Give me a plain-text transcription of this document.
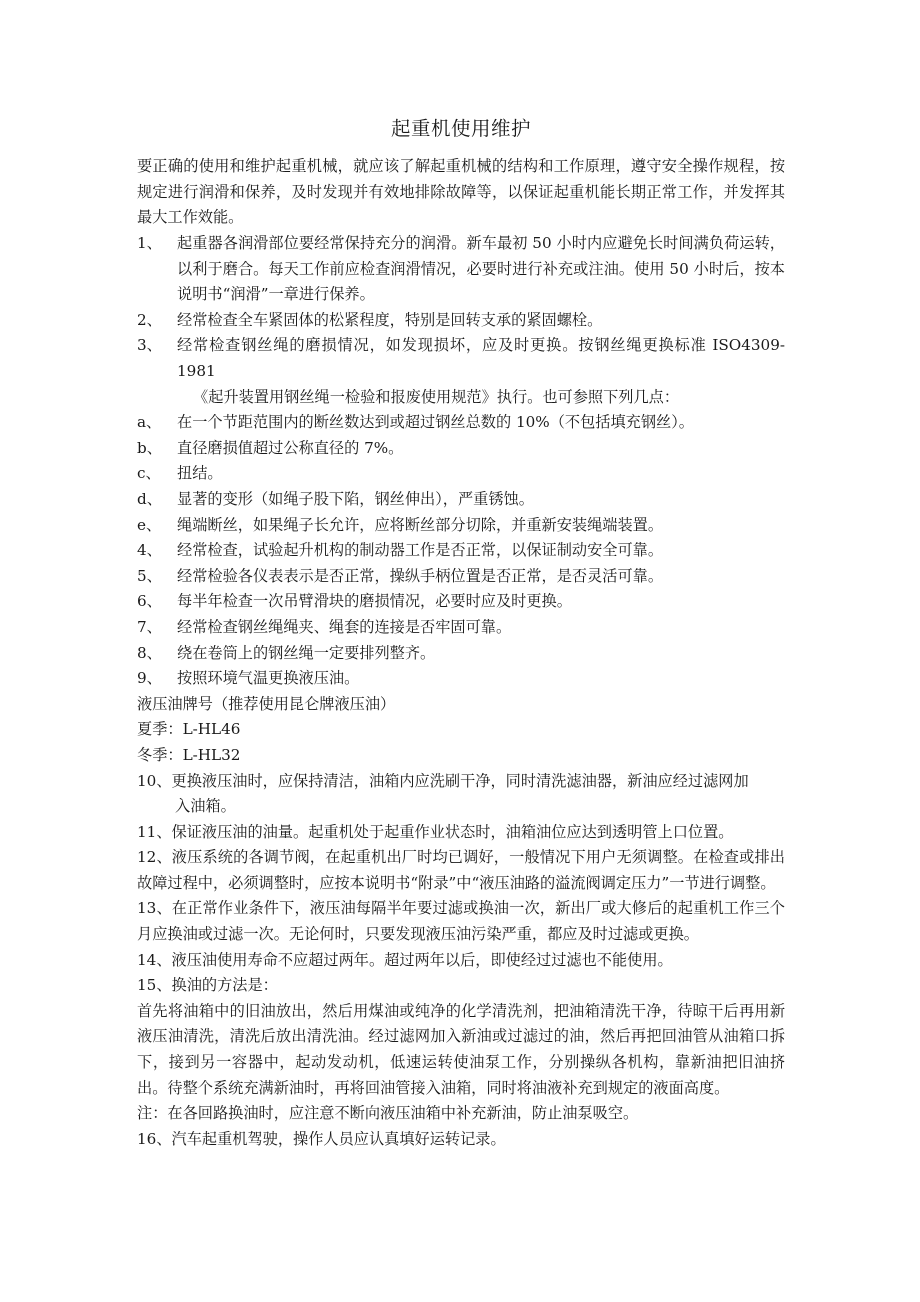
起重机使用维护

要正确的使用和维护起重机械，就应该了解起重机械的结构和工作原理，遵守安全操作规程，按规定进行润滑和保养，及时发现并有效地排除故障等，以保证起重机能长期正常工作，并发挥其最大工作效能。

1、 起重器各润滑部位要经常保持充分的润滑。新车最初 50 小时内应避免长时间满负荷运转，以利于磨合。每天工作前应检查润滑情况，必要时进行补充或注油。使用 50 小时后，按本说明书“润滑”一章进行保养。
2、 经常检查全车紧固体的松紧程度，特别是回转支承的紧固螺栓。
3、 经常检查钢丝绳的磨损情况，如发现损坏，应及时更换。按钢丝绳更换标准 ISO4309-1981
《起升装置用钢丝绳一检验和报废使用规范》执行。也可参照下列几点：
a、	在一个节距范围内的断丝数达到或超过钢丝总数的 10%（不包括填充钢丝）。
b、 直径磨损值超过公称直径的 7%。
c、	扭结。
d、 显著的变形（如绳子股下陷，钢丝伸出），严重锈蚀。
e、	绳端断丝，如果绳子长允许，应将断丝部分切除，并重新安装绳端装置。
4、 经常检查，试验起升机构的制动器工作是否正常，以保证制动安全可靠。
5、 经常检验各仪表表示是否正常，操纵手柄位置是否正常，是否灵活可靠。
6、 每半年检查一次吊臂滑块的磨损情况，必要时应及时更换。
7、 经常检查钢丝绳绳夹、绳套的连接是否牢固可靠。
8、 绕在卷筒上的钢丝绳一定要排列整齐。
9、 按照环境气温更换液压油。
液压油牌号（推荐使用昆仑牌液压油）
夏季：L-HL46
冬季：L-HL32
10、更换液压油时，应保持清洁，油箱内应洗刷干净，同时清洗滤油器，新油应经过滤网加
入油箱。
11、保证液压油的油量。起重机处于起重作业状态时，油箱油位应达到透明管上口位置。
12、液压系统的各调节阀，在起重机出厂时均已调好，一般情况下用户无须调整。在检查或排出故障过程中，必须调整时，应按本说明书“附录”中“液压油路的溢流阀调定压力”一节进行调整。
13、在正常作业条件下，液压油每隔半年要过滤或换油一次，新出厂或大修后的起重机工作三个月应换油或过滤一次。无论何时，只要发现液压油污染严重，都应及时过滤或更换。
14、液压油使用寿命不应超过两年。超过两年以后，即使经过过滤也不能使用。
15、换油的方法是：
首先将油箱中的旧油放出，然后用煤油或纯净的化学清洗剂，把油箱清洗干净，待晾干后再用新液压油清洗，清洗后放出清洗油。经过滤网加入新油或过滤过的油，然后再把回油管从油箱口拆下，接到另一容器中，起动发动机，低速运转使油泵工作，分别操纵各机构，靠新油把旧油挤出。待整个系统充满新油时，再将回油管接入油箱，同时将油液补充到规定的液面高度。
注：在各回路换油时，应注意不断向液压油箱中补充新油，防止油泵吸空。
16、汽车起重机驾驶，操作人员应认真填好运转记录。
